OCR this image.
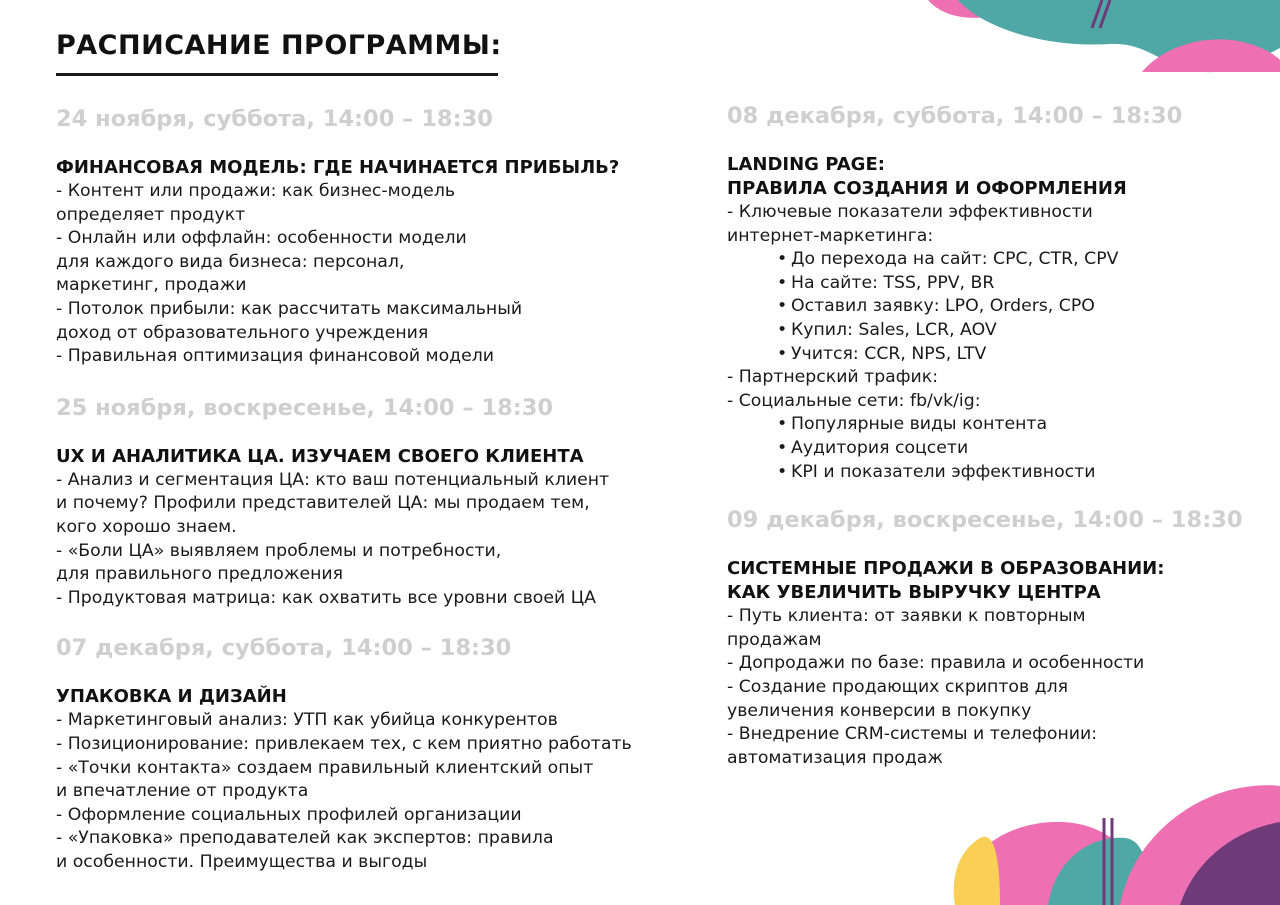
РАСПИСАНИЕ ПРОГРАММЫ:
24 ноября, суббота, 14:00 – 18:30
ФИНАНСОВАЯ МОДЕЛЬ: ГДЕ НАЧИНАЕТСЯ ПРИБЫЛЬ?
- Контент или продажи: как бизнес-модель
определяет продукт
- Онлайн или оффлайн: особенности модели
для каждого вида бизнеса: персонал,
маркетинг, продажи
- Потолок прибыли: как рассчитать максимальный
доход от образовательного учреждения
- Правильная оптимизация финансовой модели
25 ноября, воскресенье, 14:00 – 18:30
UX И АНАЛИТИКА ЦА. ИЗУЧАЕМ СВОЕГО КЛИЕНТА
- Анализ и сегментация ЦА: кто ваш потенциальный клиент
и почему? Профили представителей ЦА: мы продаем тем,
кого хорошо знаем.
- «Боли ЦА» выявляем проблемы и потребности,
для правильного предложения
- Продуктовая матрица: как охватить все уровни своей ЦА
07 декабря, суббота, 14:00 – 18:30
УПАКОВКА И ДИЗАЙН
- Маркетинговый анализ: УТП как убийца конкурентов
- Позиционирование: привлекаем тех, с кем приятно работать
- «Точки контакта» создаем правильный клиентский опыт
и впечатление от продукта
- Оформление социальных профилей организации
- «Упаковка» преподавателей как экспертов: правила
и особенности. Преимущества и выгоды
08 декабря, суббота, 14:00 – 18:30
LANDING PAGE:
ПРАВИЛА СОЗДАНИЯ И ОФОРМЛЕНИЯ
- Ключевые показатели эффективности
интернет-маркетинга:
• До перехода на сайт: CPC, CTR, CPV
• На сайте: TSS, PPV, BR
• Оставил заявку: LPO, Orders, CPO
• Купил: Sales, LCR, AOV
• Учится: CCR, NPS, LTV
- Партнерский трафик:
- Социальные сети: fb/vk/ig:
• Популярные виды контента
• Аудитория соцсети
• KPI и показатели эффективности
09 декабря, воскресенье, 14:00 – 18:30
СИСТЕМНЫЕ ПРОДАЖИ В ОБРАЗОВАНИИ:
КАК УВЕЛИЧИТЬ ВЫРУЧКУ ЦЕНТРА
- Путь клиента: от заявки к повторным
продажам
- Допродажи по базе: правила и особенности
- Создание продающих скриптов для
увеличения конверсии в покупку
- Внедрение CRM-системы и телефонии:
автоматизация продаж
